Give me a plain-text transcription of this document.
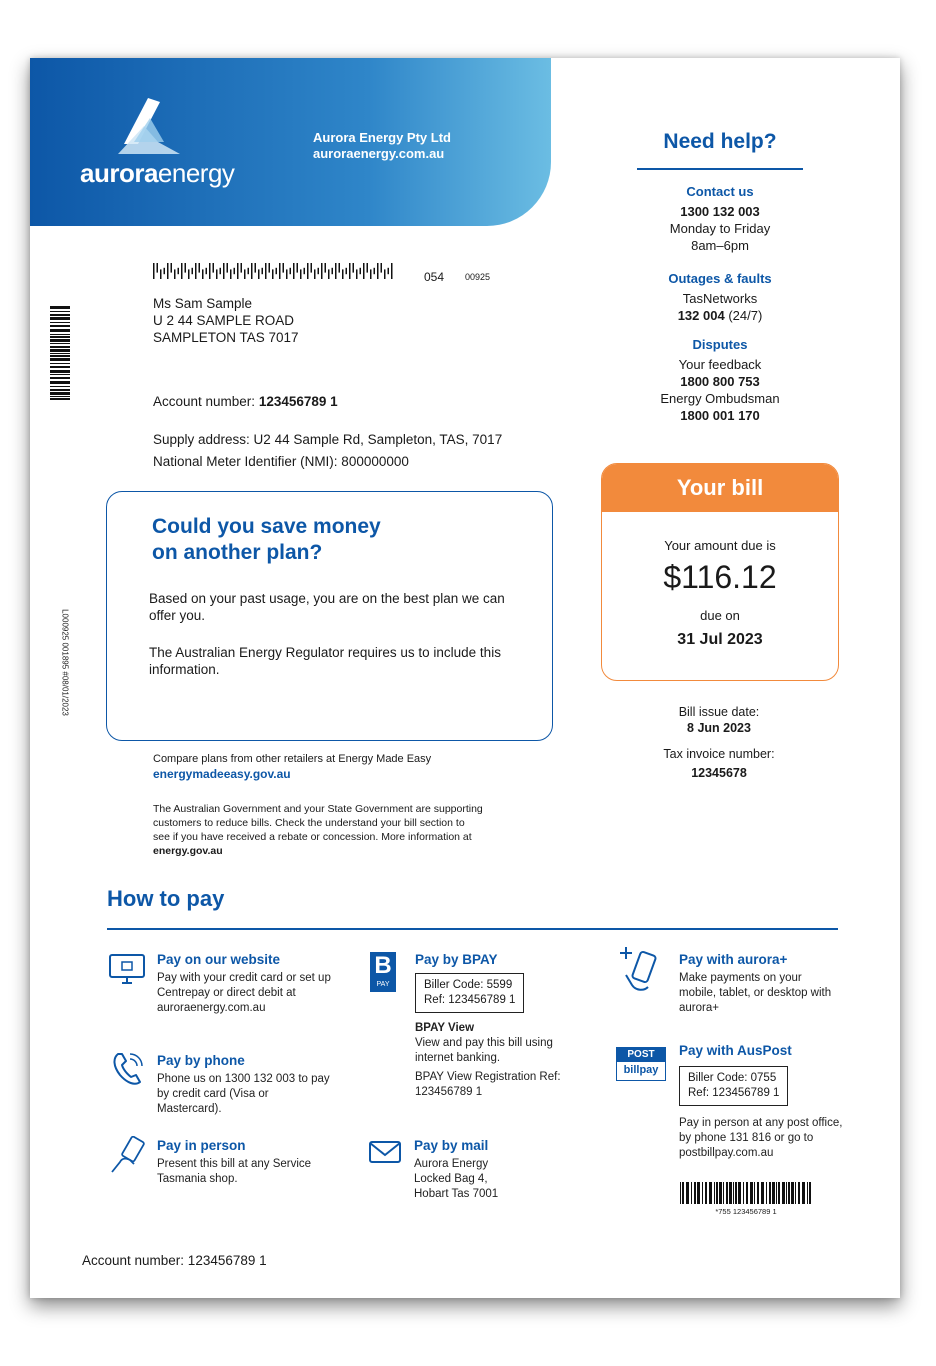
auroraenergy
Aurora Energy Pty Ltd
auroraenergy.com.au
L000925 001895 #08/01/2023
054 00925
Ms Sam Sample
U 2 44 SAMPLE ROAD
SAMPLETON TAS 7017
Account number: 123456789 1
Supply address: U2 44 Sample Rd, Sampleton, TAS, 7017
National Meter Identifier (NMI): 800000000
Need help?
Contact us
1300 132 003
Monday to Friday
8am–6pm
Outages & faults
TasNetworks
132 004 (24/7)
Disputes
Your feedback
1800 800 753
Energy Ombudsman
1800 001 170
Your bill
Your amount due is
$116.12
due on
31 Jul 2023
Bill issue date:
8 Jun 2023
Tax invoice number:
12345678
Could you save money
on another plan?
Based on your past usage, you are on the best plan we can offer you.
The Australian Energy Regulator requires us to include this information.
Compare plans from other retailers at Energy Made Easy
energymadeeasy.gov.au
The Australian Government and your State Government are supporting customers to reduce bills. Check the understand your bill section to see if you have received a rebate or concession. More information at energy.gov.au
How to pay
Pay on our website
Pay with your credit card or set up Centrepay or direct debit at auroraenergy.com.au
Pay by phone
Phone us on 1300 132 003 to pay by credit card (Visa or Mastercard).
Pay in person
Present this bill at any Service Tasmania shop.
B
PAY
Pay by BPAY
Biller Code: 5599
Ref: 123456789 1
BPAY View
View and pay this bill using internet banking.
BPAY View Registration Ref: 123456789 1
Pay by mail
Aurora Energy
Locked Bag 4,
Hobart Tas 7001
Pay with aurora+
Make payments on your mobile, tablet, or desktop with aurora+
POST
billpay
Pay with AusPost
Biller Code: 0755
Ref: 123456789 1
Pay in person at any post office, by phone 131 816 or go to postbillpay.com.au
*755 123456789 1
Account number: 123456789 1
